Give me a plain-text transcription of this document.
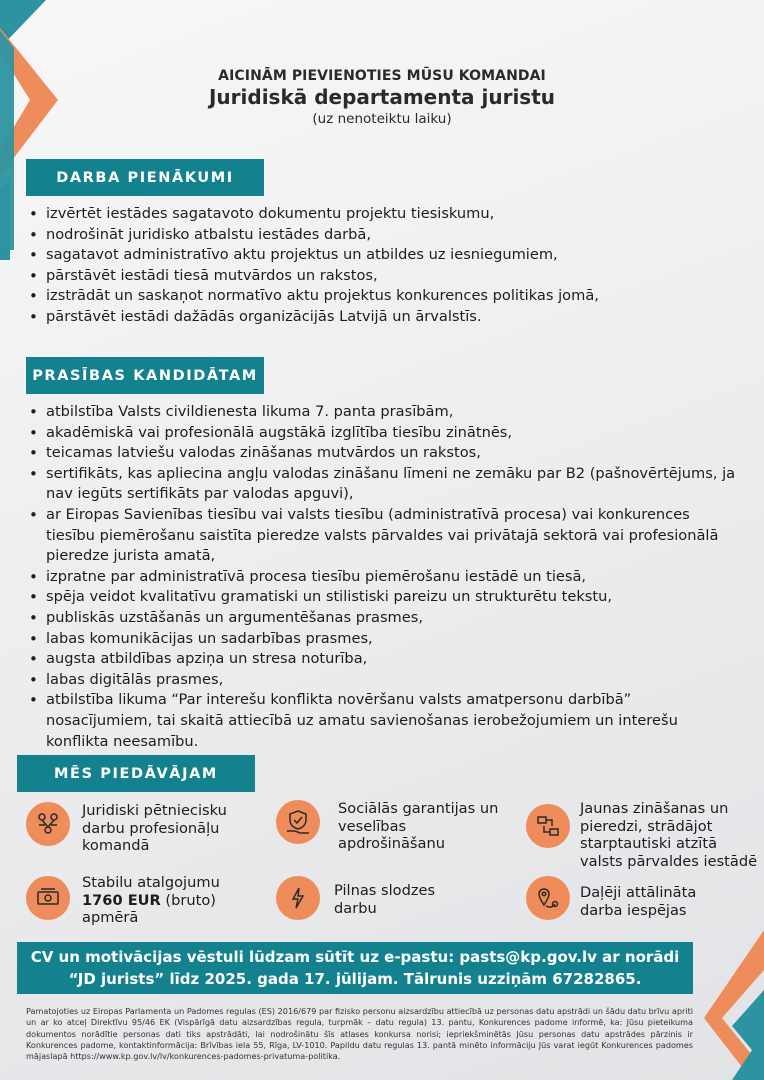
AICINĀM PIEVIENOTIES MŪSU KOMANDAI
Juridiskā departamenta juristu
(uz nenoteiktu laiku)
DARBA PIENĀKUMI
• izvērtēt iestādes sagatavoto dokumentu projektu tiesiskumu,
• nodrošināt juridisko atbalstu iestādes darbā,
• sagatavot administratīvo aktu projektus un atbildes uz iesniegumiem,
• pārstāvēt iestādi tiesā mutvārdos un rakstos,
• izstrādāt un saskaņot normatīvo aktu projektus konkurences politikas jomā,
• pārstāvēt iestādi dažādās organizācijās Latvijā un ārvalstīs.
PRASĪBAS KANDIDĀTAM
• atbilstība Valsts civildienesta likuma 7. panta prasībām,
• akadēmiskā vai profesionālā augstākā izglītība tiesību zinātnēs,
• teicamas latviešu valodas zināšanas mutvārdos un rakstos,
• sertifikāts, kas apliecina angļu valodas zināšanu līmeni ne zemāku par B2 (pašnovērtējums, ja nav iegūts sertifikāts par valodas apguvi),
• ar Eiropas Savienības tiesību vai valsts tiesību (administratīvā procesa) vai konkurences tiesību piemērošanu saistīta pieredze valsts pārvaldes vai privātajā sektorā vai profesionālā pieredze jurista amatā,
• izpratne par administratīvā procesa tiesību piemērošanu iestādē un tiesā,
• spēja veidot kvalitatīvu gramatiski un stilistiski pareizu un strukturētu tekstu,
• publiskās uzstāšanās un argumentēšanas prasmes,
• labas komunikācijas un sadarbības prasmes,
• augsta atbildības apziņa un stresa noturība,
• labas digitālās prasmes,
• atbilstība likuma “Par interešu konflikta novēršanu valsts amatpersonu darbībā” nosacījumiem, tai skaitā attiecībā uz amatu savienošanas ierobežojumiem un interešu konflikta neesamību.
MĒS PIEDĀVĀJAM
Juridiski pētniecisku
darbu profesionāļu
komandā
Sociālās garantijas un
veselības
apdrošināšanu
Jaunas zināšanas un
pieredzi, strādājot
starptautiski atzītā
valsts pārvaldes iestādē
Stabilu atalgojumu
1760 EUR (bruto)
apmērā
Pilnas slodzes
darbu
Daļēji attālināta
darba iespējas
CV un motivācijas vēstuli lūdzam sūtīt uz e-pastu: pasts@kp.gov.lv ar norādi
“JD jurists” līdz 2025. gada 17. jūlijam. Tālrunis uzziņām 67282865.
Pamatojoties uz Eiropas Parlamenta un Padomes regulas (ES) 2016/679 par fizisko personu aizsardzību attiecībā uz personas datu apstrādi un šādu datu brīvu apriti un ar ko atceļ Direktīvu 95/46 EK (Vispārīgā datu aizsardzības regula, turpmāk – datu regula) 13. pantu, Konkurences padome informē, ka: Jūsu pieteikuma dokumentos norādītie personas dati tiks apstrādāti, lai nodrošinātu šīs atlases konkursa norisi; iepriekšminētās Jūsu personas datu apstrādes pārzinis ir Konkurences padome, kontaktinformācija: Brīvības iela 55, Rīga, LV-1010. Papildu datu regulas 13. pantā minēto informāciju Jūs varat iegūt Konkurences padomes mājaslapā https://www.kp.gov.lv/lv/konkurences-padomes-privatuma-politika.
